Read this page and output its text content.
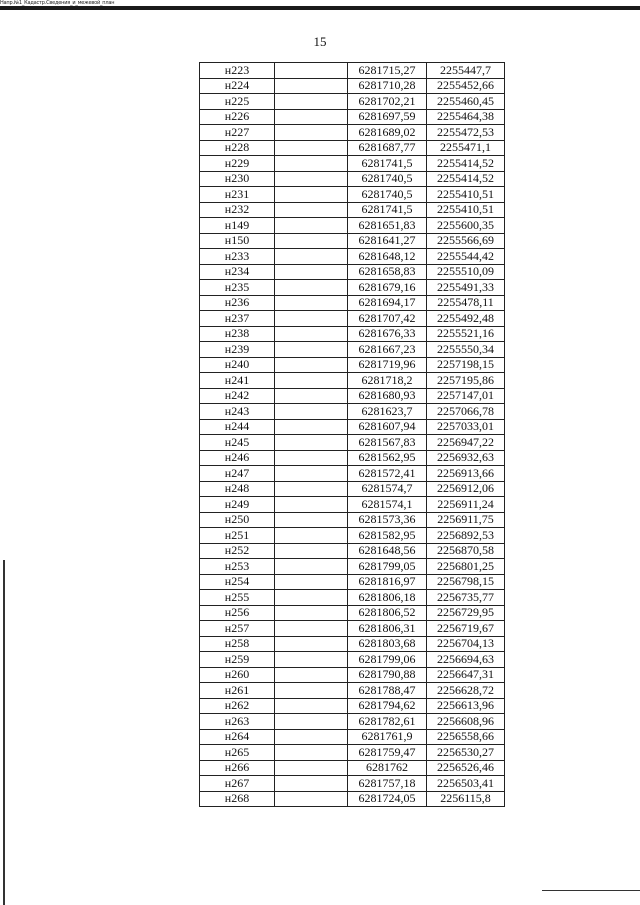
Напр.№1_Кадастр.Сведения_и_межевой_план
15
н223		6281715,27	2255447,7
н224		6281710,28	2255452,66
н225		6281702,21	2255460,45
н226		6281697,59	2255464,38
н227		6281689,02	2255472,53
н228		6281687,77	2255471,1
н229		6281741,5	2255414,52
н230		6281740,5	2255414,52
н231		6281740,5	2255410,51
н232		6281741,5	2255410,51
н149		6281651,83	2255600,35
н150		6281641,27	2255566,69
н233		6281648,12	2255544,42
н234		6281658,83	2255510,09
н235		6281679,16	2255491,33
н236		6281694,17	2255478,11
н237		6281707,42	2255492,48
н238		6281676,33	2255521,16
н239		6281667,23	2255550,34
н240		6281719,96	2257198,15
н241		6281718,2	2257195,86
н242		6281680,93	2257147,01
н243		6281623,7	2257066,78
н244		6281607,94	2257033,01
н245		6281567,83	2256947,22
н246		6281562,95	2256932,63
н247		6281572,41	2256913,66
н248		6281574,7	2256912,06
н249		6281574,1	2256911,24
н250		6281573,36	2256911,75
н251		6281582,95	2256892,53
н252		6281648,56	2256870,58
н253		6281799,05	2256801,25
н254		6281816,97	2256798,15
н255		6281806,18	2256735,77
н256		6281806,52	2256729,95
н257		6281806,31	2256719,67
н258		6281803,68	2256704,13
н259		6281799,06	2256694,63
н260		6281790,88	2256647,31
н261		6281788,47	2256628,72
н262		6281794,62	2256613,96
н263		6281782,61	2256608,96
н264		6281761,9	2256558,66
н265		6281759,47	2256530,27
н266		6281762	2256526,46
н267		6281757,18	2256503,41
н268		6281724,05	2256115,8
